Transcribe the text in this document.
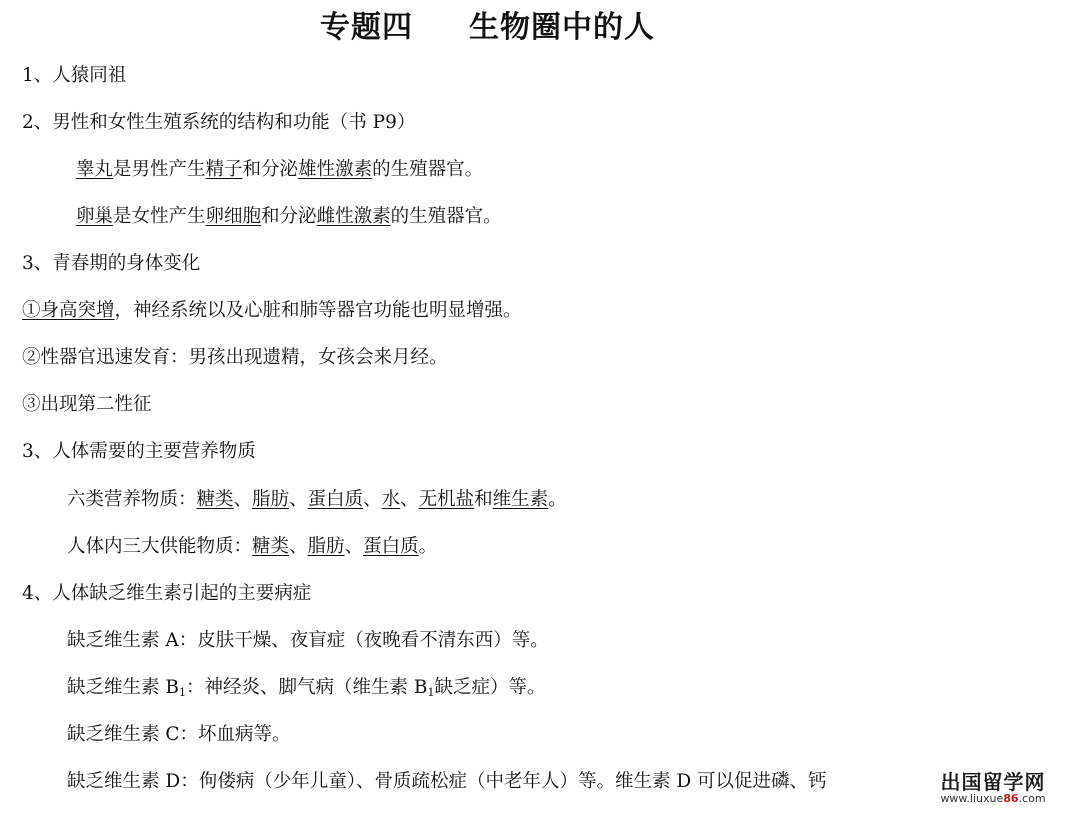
专题四 生物圈中的人
1、人猿同祖
2、男性和女性生殖系统的结构和功能（书 P9）
睾丸是男性产生精子和分泌雄性激素的生殖器官。
卵巢是女性产生卵细胞和分泌雌性激素的生殖器官。
3、青春期的身体变化
①身高突增，神经系统以及心脏和肺等器官功能也明显增强。
②性器官迅速发育：男孩出现遗精，女孩会来月经。
③出现第二性征
3、人体需要的主要营养物质
六类营养物质：糖类、脂肪、蛋白质、水、无机盐和维生素。
人体内三大供能物质：糖类、脂肪、蛋白质。
4、人体缺乏维生素引起的主要病症
缺乏维生素 A：皮肤干燥、夜盲症（夜晚看不清东西）等。
缺乏维生素 $B_1$：神经炎、脚气病（维生素 $B_1$缺乏症）等。
缺乏维生素 C：坏血病等。
缺乏维生素 D：佝偻病（少年儿童）、骨质疏松症（中老年人）等。维生素 D 可以促进磷、钙	出国留学网
www.liuxue86.com
